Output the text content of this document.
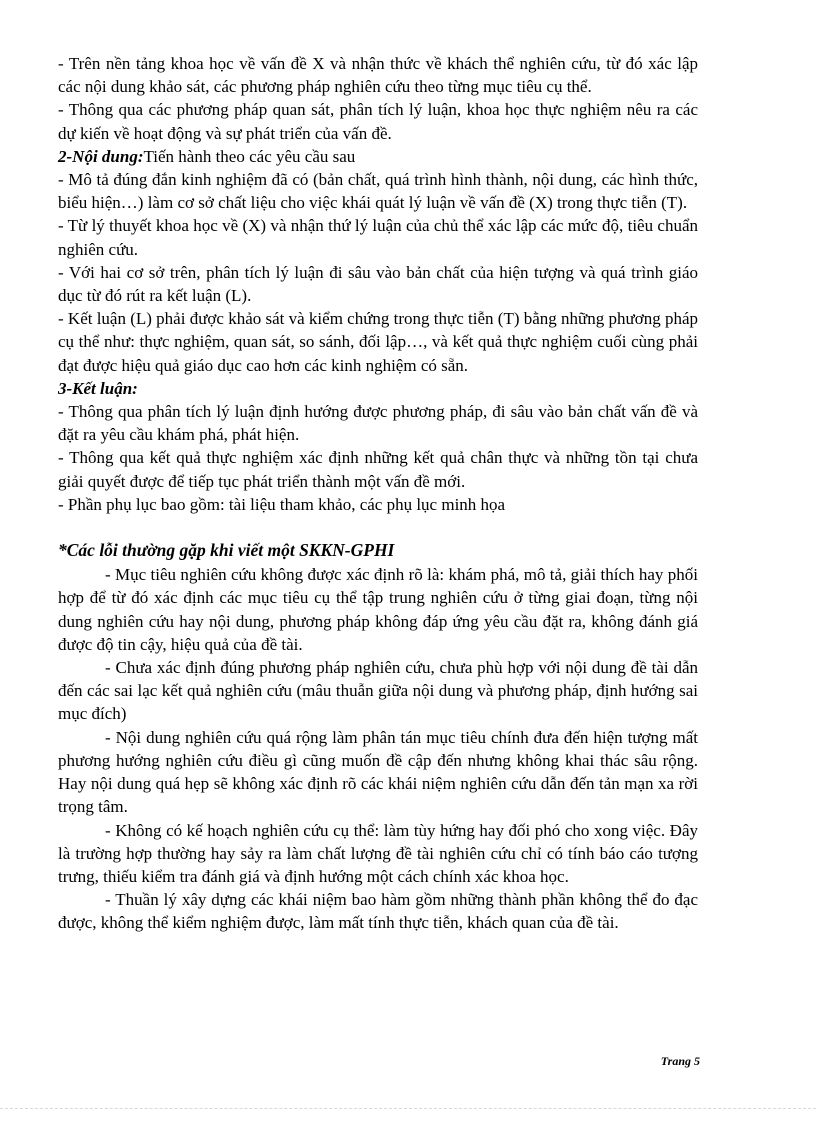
- Trên nền tảng khoa học về vấn đề X và nhận thức về khách thể nghiên cứu, từ đó xác lập các nội dung khảo sát, các phương pháp nghiên cứu theo từng mục tiêu cụ thể.

- Thông qua các phương pháp quan sát, phân tích lý luận, khoa học thực nghiệm nêu ra các dự kiến về hoạt động và sự phát triển của vấn đề.

2-Nội dung:Tiến hành theo các yêu cầu sau

- Mô tả đúng đắn kinh nghiệm đã có (bản chất, quá trình hình thành, nội dung, các hình thức, biểu hiện…) làm cơ sở chất liệu cho việc khái quát lý luận về vấn đề (X) trong thực tiễn (T).

- Từ lý thuyết khoa học về (X) và nhận thứ lý luận của chủ thể xác lập các mức độ, tiêu chuẩn nghiên cứu.

- Với hai cơ sở trên, phân tích lý luận đi sâu vào bản chất của hiện tượng và quá trình giáo dục từ đó rút ra kết luận (L).

- Kết luận (L) phải được khảo sát và kiểm chứng trong thực tiễn (T) bằng những phương pháp cụ thể như: thực nghiệm, quan sát, so sánh, đối lập…, và kết quả thực nghiệm cuối cùng phải đạt được hiệu quả giáo dục cao hơn các kinh nghiệm có sẵn.

3-Kết luận:

- Thông qua phân tích lý luận định hướng được phương pháp, đi sâu vào bản chất vấn đề và đặt ra yêu cầu khám phá, phát hiện.

- Thông qua kết quả thực nghiệm xác định những kết quả chân thực và những tồn tại chưa giải quyết được để tiếp tục phát triển thành một vấn đề mới.

- Phần phụ lục bao gồm: tài liệu tham khảo, các phụ lục minh họa

*Các lỗi thường gặp khi viết một SKKN-GPHI

- Mục tiêu nghiên cứu không được xác định rõ là: khám phá, mô tả, giải thích hay phối hợp để từ đó xác định các mục tiêu cụ thể tập trung nghiên cứu ở từng giai đoạn, từng nội dung nghiên cứu hay nội dung, phương pháp không đáp ứng yêu cầu đặt ra, không đánh giá được độ tin cậy, hiệu quả của đề tài.

- Chưa xác định đúng phương pháp nghiên cứu, chưa phù hợp với nội dung đề tài dẫn đến các sai lạc kết quả nghiên cứu (mâu thuẫn giữa nội dung và phương pháp, định hướng sai mục đích)

- Nội dung nghiên cứu quá rộng làm phân tán mục tiêu chính đưa đến hiện tượng mất phương hướng nghiên cứu điều gì cũng muốn đề cập đến nhưng không khai thác sâu rộng. Hay nội dung quá hẹp sẽ không xác định rõ các khái niệm nghiên cứu dẫn đến tản mạn xa rời trọng tâm.

- Không có kế hoạch nghiên cứu cụ thể: làm tùy hứng hay đối phó cho xong việc. Đây là trường hợp thường hay sảy ra làm chất lượng đề tài nghiên cứu chỉ có tính báo cáo tượng trưng, thiếu kiểm tra đánh giá và định hướng một cách chính xác khoa học.

- Thuần lý xây dựng các khái niệm bao hàm gồm những thành phần không thể đo đạc được, không thể kiểm nghiệm được, làm mất tính thực tiễn, khách quan của đề tài.

Trang 5
